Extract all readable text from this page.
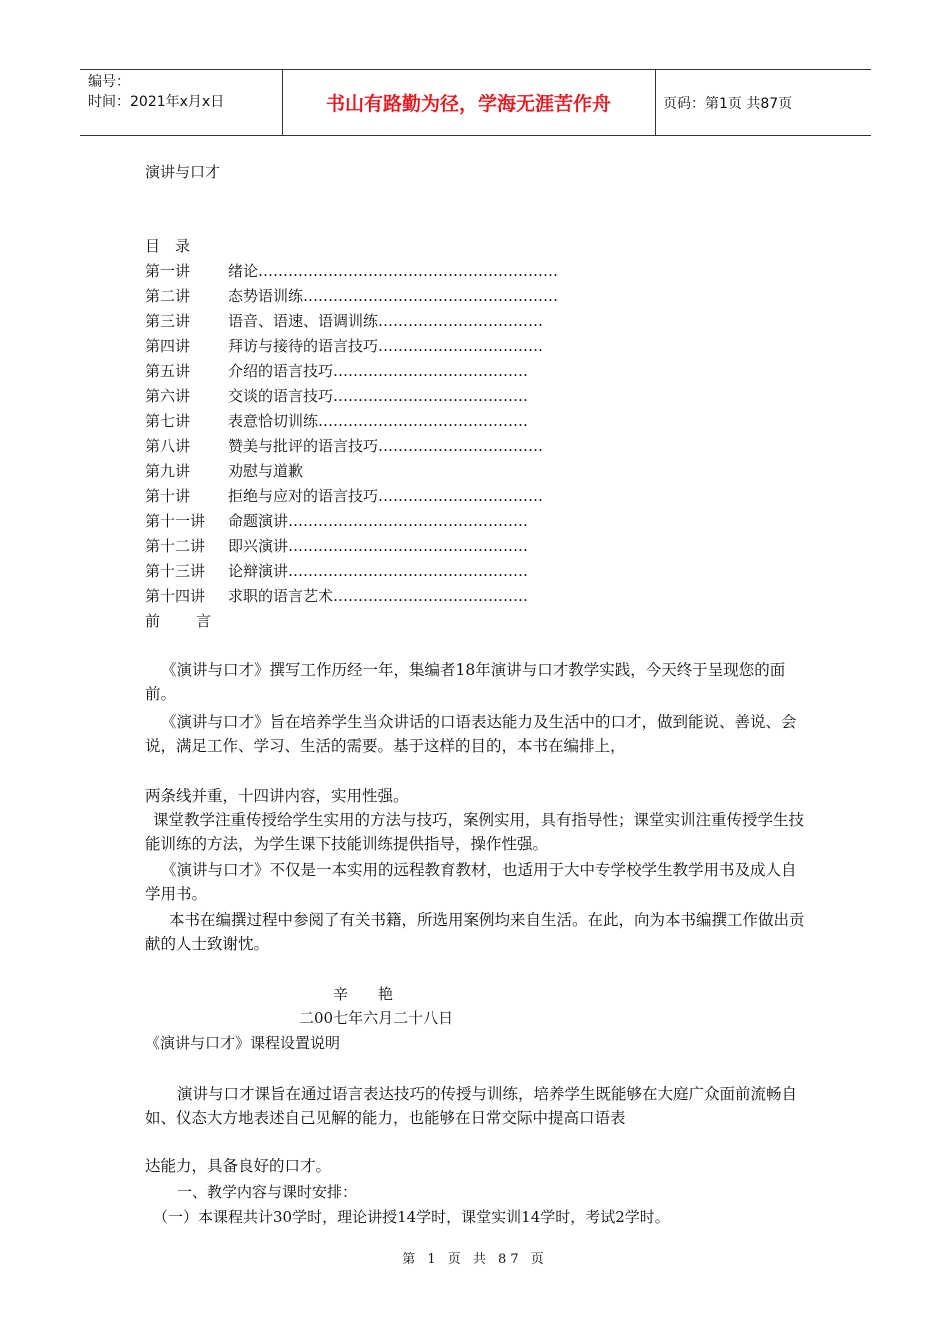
编号：
时间：2021年x月x日	书山有路勤为径，学海无涯苦作舟	页码：第1页 共87页
演讲与口才
目　录
第一讲	绪论……………………………………………………
第二讲	态势语训练……………………………………………
第三讲	语音、语速、语调训练……………………………
第四讲	拜访与接待的语言技巧……………………………
第五讲	介绍的语言技巧…………………………………
第六讲	交谈的语言技巧…………………………………
第七讲	表意恰切训练……………………………………
第八讲	赞美与批评的语言技巧……………………………
第九讲	劝慰与道歉
第十讲	拒绝与应对的语言技巧……………………………
第十一讲 命题演讲…………………………………………
第十二讲 即兴演讲…………………………………………
第十三讲 论辩演讲…………………………………………
第十四讲 求职的语言艺术…………………………………
前　　言
《演讲与口才》撰写工作历经一年，集编者18年演讲与口才教学实践，今天终于呈现您的面前。
《演讲与口才》旨在培养学生当众讲话的口语表达能力及生活中的口才，做到能说、善说、会说，满足工作、学习、生活的需要。基于这样的目的，本书在编排上，
两条线并重，十四讲内容，实用性强。
课堂教学注重传授给学生实用的方法与技巧，案例实用，具有指导性；课堂实训注重传授学生技能训练的方法，为学生课下技能训练提供指导，操作性强。
《演讲与口才》不仅是一本实用的远程教育教材，也适用于大中专学校学生教学用书及成人自学用书。
本书在编撰过程中参阅了有关书籍，所选用案例均来自生活。在此，向为本书编撰工作做出贡献的人士致谢忱。
辛　　艳
二00七年六月二十八日
《演讲与口才》课程设置说明
演讲与口才课旨在通过语言表达技巧的传授与训练，培养学生既能够在大庭广众面前流畅自如、仪态大方地表述自己见解的能力，也能够在日常交际中提高口语表
达能力，具备良好的口才。
一、教学内容与课时安排：
（一）本课程共计30学时，理论讲授14学时，课堂实训14学时，考试2学时。
第 1 页 共 87 页
